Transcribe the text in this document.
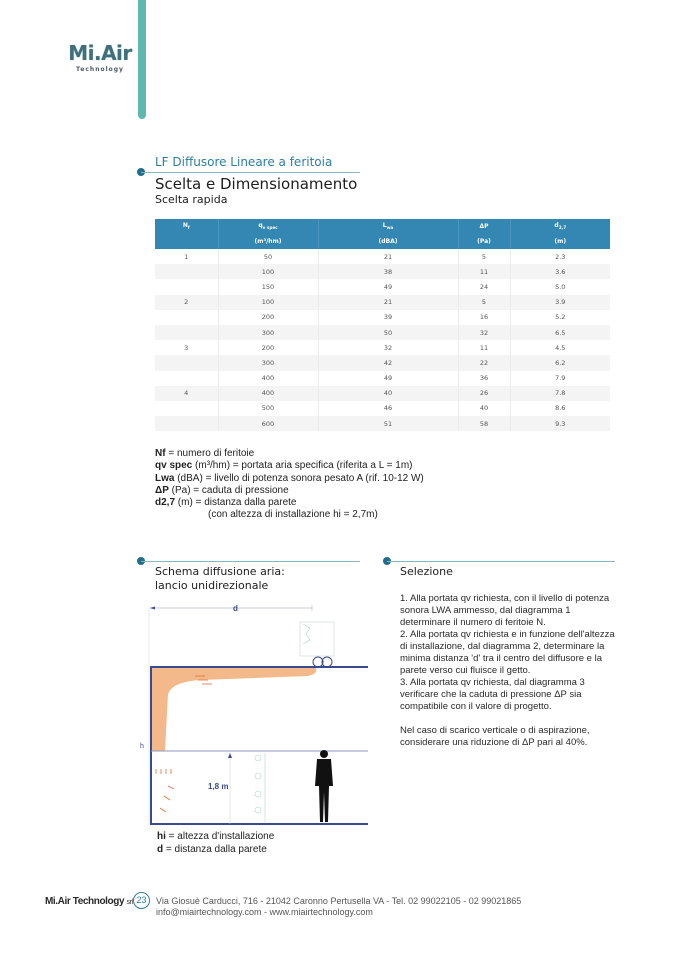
Mi.Air
Technology
LF Diffusore Lineare a feritoia
Scelta e Dimensionamento
Scelta rapida
$N_f$	$q_{v spec}$	$L_{wa}$	ΔP	$d_{2,7}$
	(m³/hm)	(dBA)	(Pa)	(m)
1	50	21	5	2.3
	100	38	11	3.6
	150	49	24	5.0
2	100	21	5	3.9
	200	39	16	5.2
	300	50	32	6.5
3	200	32	11	4.5
	300	42	22	6.2
	400	49	36	7.9
4	400	40	26	7.8
	500	46	40	8.6
	600	51	58	9.3
Nf = numero di feritoie
qv spec (m³/hm) = portata aria specifica (riferita a L = 1m)
Lwa (dBA) = livello di potenza sonora pesato A (rif. 10-12 W)
ΔP (Pa) = caduta di pressione
d2,7 (m) = distanza dalla parete
(con altezza di installazione hi = 2,7m)
Schema diffusione aria:
lancio unidirezionale
d
1,8 m
h
hi = altezza d'installazione
d = distanza dalla parete
Selezione

1. Alla portata qv richiesta, con il livello di potenza sonora LWA ammesso, dal diagramma 1 determinare il numero di feritoie N.

2. Alla portata qv richiesta e in funzione dell'altezza di installazione, dal diagramma 2, determinare la minima distanza 'd' tra il centro del diffusore e la parete verso cui fluisce il getto.

3. Alla portata qv richiesta, dal diagramma 3 verificare che la caduta di pressione ΔP sia compatibile con il valore di progetto.

Nel caso di scarico verticale o di aspirazione, considerare una riduzione di ΔP pari al 40%.

Mi.Air Technology srl 23	Via Giosuè Carducci, 716 - 21042 Caronno Pertusella VA - Tel. 02 99022105 - 02 99021865
info@miairtechnology.com - www.miairtechnology.com
